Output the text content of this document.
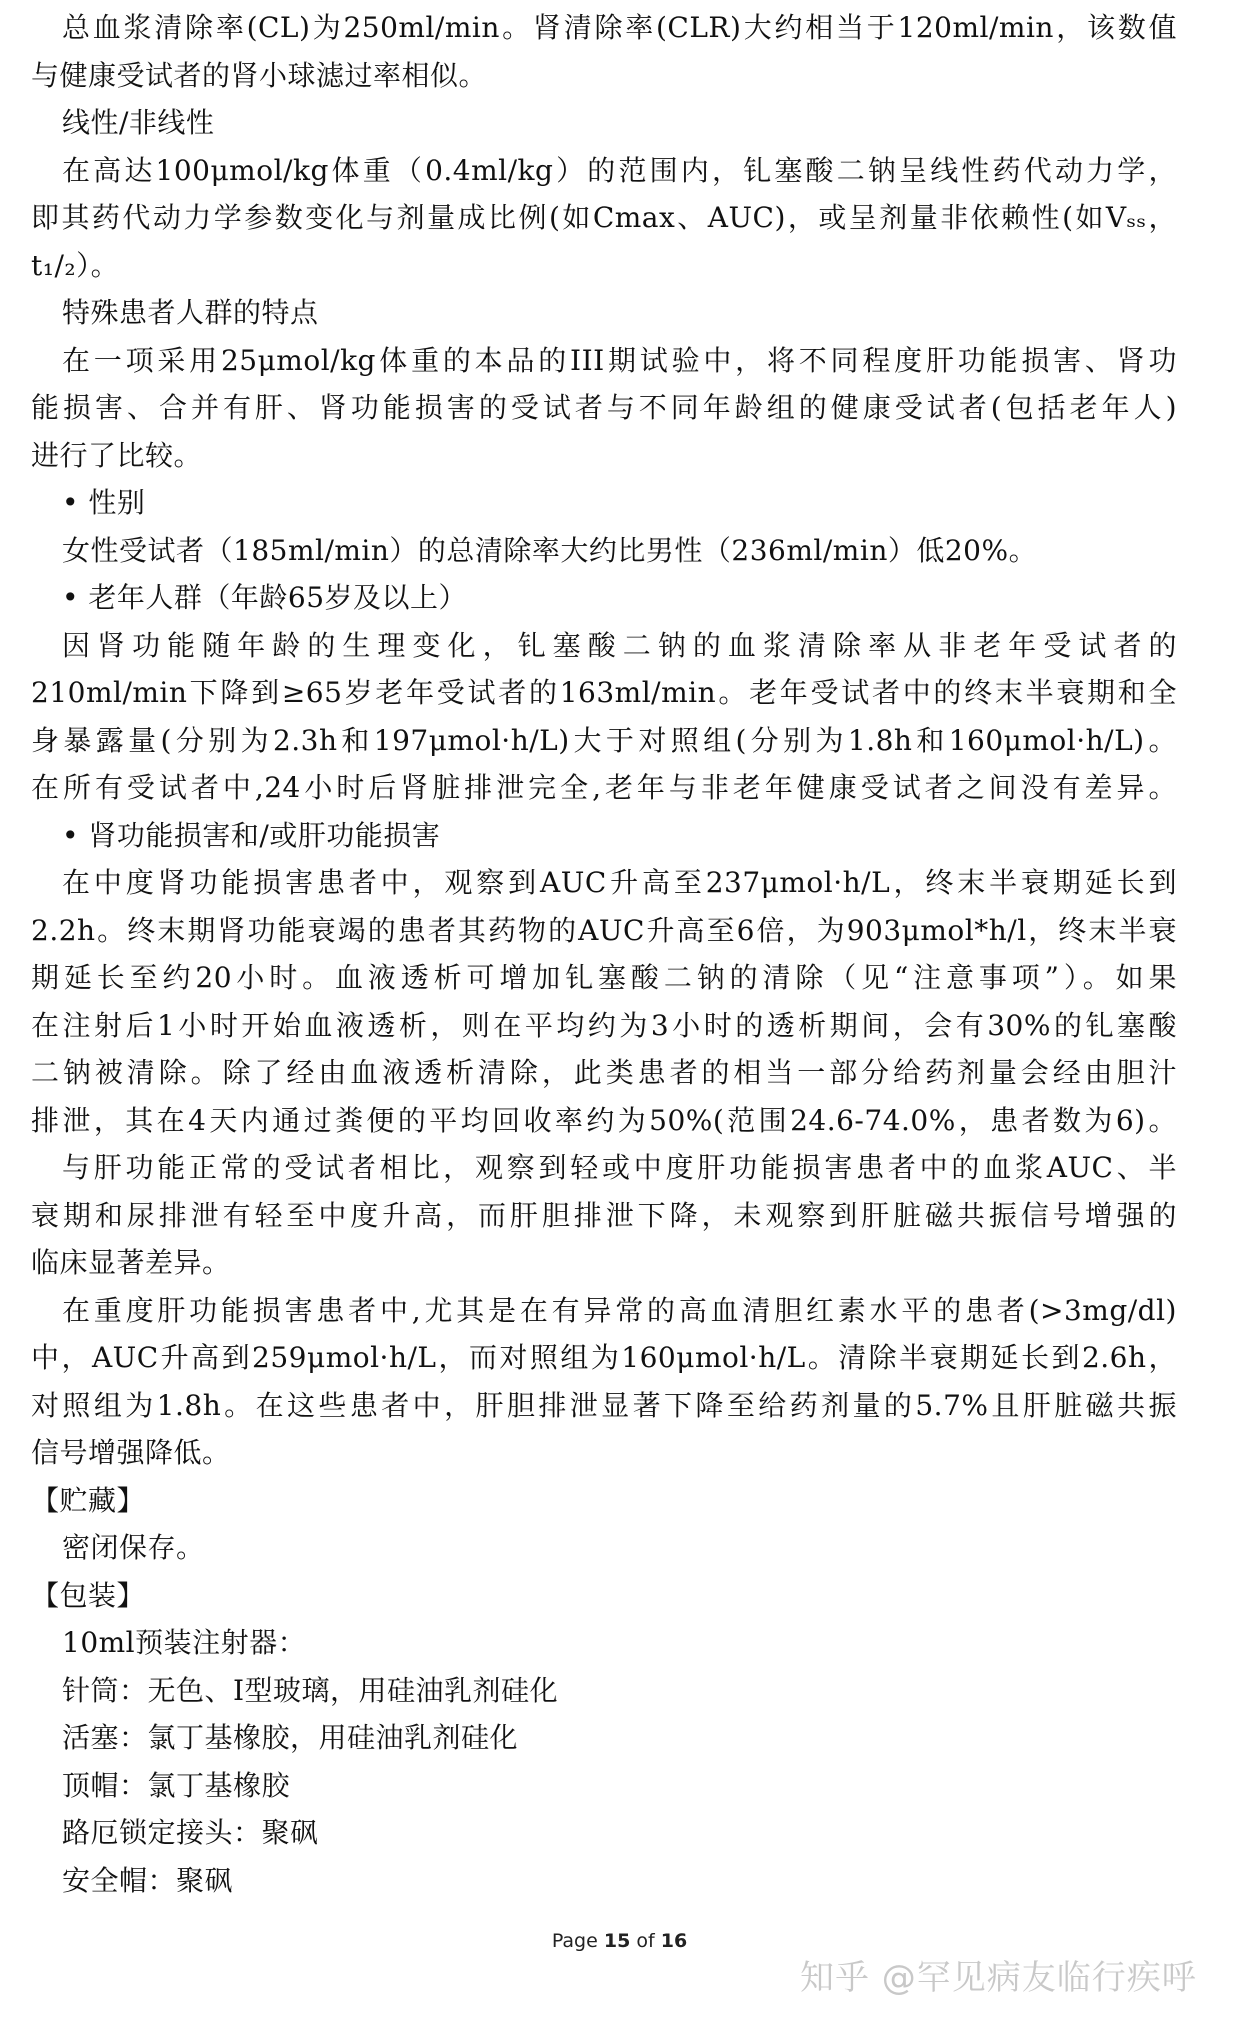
总血浆清除率(CL)为250ml/min。肾清除率(CLR)大约相当于120ml/min，该数值
与健康受试者的肾小球滤过率相似。
线性/非线性
在高达100μmol/kg体重（0.4ml/kg）的范围内，钆塞酸二钠呈线性药代动力学，
即其药代动力学参数变化与剂量成比例(如Cmax、AUC)，或呈剂量非依赖性(如Vₛₛ，
t₁/₂）。
特殊患者人群的特点
在一项采用25μmol/kg体重的本品的III期试验中，将不同程度肝功能损害、肾功
能损害、合并有肝、肾功能损害的受试者与不同年龄组的健康受试者(包括老年人)
进行了比较。
• 性别
女性受试者（185ml/min）的总清除率大约比男性（236ml/min）低20%。
• 老年人群（年龄65岁及以上）
因肾功能随年龄的生理变化，钆塞酸二钠的血浆清除率从非老年受试者的
210ml/min下降到≥65岁老年受试者的163ml/min。老年受试者中的终末半衰期和全
身暴露量(分别为2.3h和197μmol·h/L)大于对照组(分别为1.8h和160μmol·h/L)。
在所有受试者中,24小时后肾脏排泄完全,老年与非老年健康受试者之间没有差异。
• 肾功能损害和/或肝功能损害
在中度肾功能损害患者中，观察到AUC升高至237μmol·h/L，终末半衰期延长到
2.2h。终末期肾功能衰竭的患者其药物的AUC升高至6倍，为903μmol*h/l，终末半衰
期延长至约20小时。血液透析可增加钆塞酸二钠的清除（见“注意事项”）。如果
在注射后1小时开始血液透析，则在平均约为3小时的透析期间，会有30%的钆塞酸
二钠被清除。除了经由血液透析清除，此类患者的相当一部分给药剂量会经由胆汁
排泄，其在4天内通过粪便的平均回收率约为50%(范围24.6-74.0%，患者数为6)。
与肝功能正常的受试者相比，观察到轻或中度肝功能损害患者中的血浆AUC、半
衰期和尿排泄有轻至中度升高，而肝胆排泄下降，未观察到肝脏磁共振信号增强的
临床显著差异。
在重度肝功能损害患者中,尤其是在有异常的高血清胆红素水平的患者(>3mg/dl)
中，AUC升高到259μmol·h/L，而对照组为160μmol·h/L。清除半衰期延长到2.6h，
对照组为1.8h。在这些患者中，肝胆排泄显著下降至给药剂量的5.7%且肝脏磁共振
信号增强降低。
【贮藏】
密闭保存。
【包装】
10ml预装注射器：
针筒：无色、I型玻璃，用硅油乳剂硅化
活塞：氯丁基橡胶，用硅油乳剂硅化
顶帽：氯丁基橡胶
路厄锁定接头：聚砜
安全帽：聚砜
Page 15 of 16
知乎 @罕见病友临行疾呼
